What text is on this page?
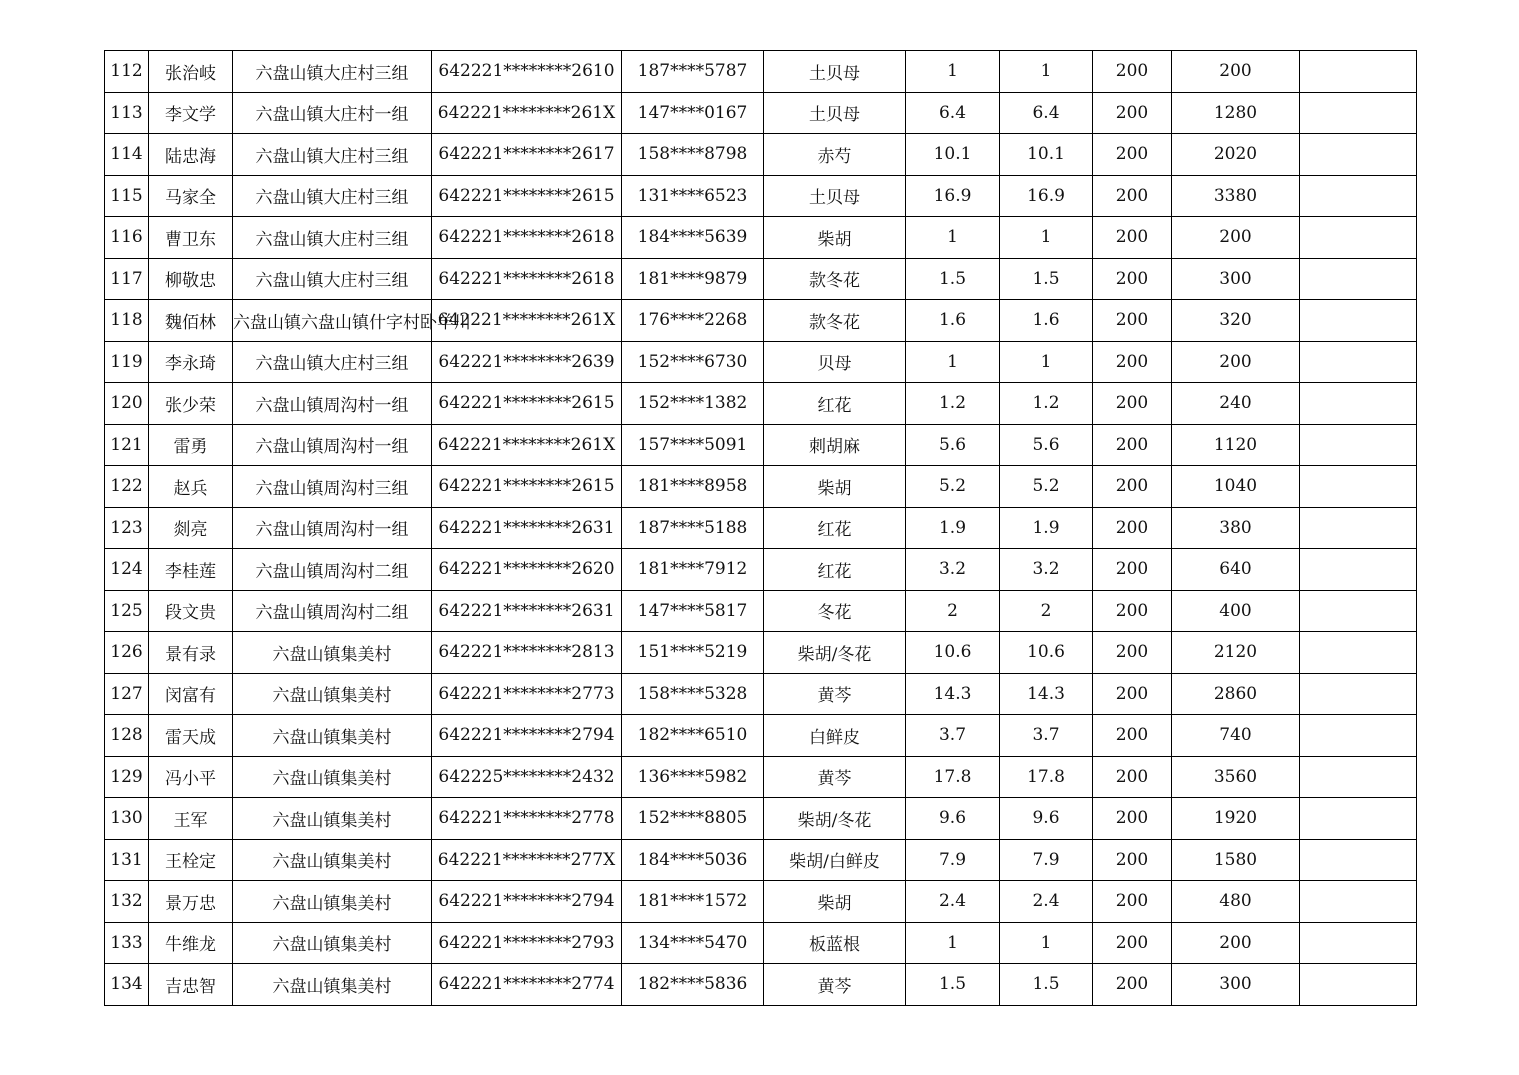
112	张治岐	六盘山镇大庄村三组	642221********2610	187****5787	土贝母	1	1	200	200	
113	李文学	六盘山镇大庄村一组	642221********261X	147****0167	土贝母	6.4	6.4	200	1280	
114	陆忠海	六盘山镇大庄村三组	642221********2617	158****8798	赤芍	10.1	10.1	200	2020	
115	马家全	六盘山镇大庄村三组	642221********2615	131****6523	土贝母	16.9	16.9	200	3380	
116	曹卫东	六盘山镇大庄村三组	642221********2618	184****5639	柴胡	1	1	200	200	
117	柳敬忠	六盘山镇大庄村三组	642221********2618	181****9879	款冬花	1.5	1.5	200	300	
118	魏佰林	六盘山镇六盘山镇什字村卧羊川	642221********261X	176****2268	款冬花	1.6	1.6	200	320	
119	李永琦	六盘山镇大庄村三组	642221********2639	152****6730	贝母	1	1	200	200	
120	张少荣	六盘山镇周沟村一组	642221********2615	152****1382	红花	1.2	1.2	200	240	
121	雷勇	六盘山镇周沟村一组	642221********261X	157****5091	刺胡麻	5.6	5.6	200	1120	
122	赵兵	六盘山镇周沟村三组	642221********2615	181****8958	柴胡	5.2	5.2	200	1040	
123	剡亮	六盘山镇周沟村一组	642221********2631	187****5188	红花	1.9	1.9	200	380	
124	李桂莲	六盘山镇周沟村二组	642221********2620	181****7912	红花	3.2	3.2	200	640	
125	段文贵	六盘山镇周沟村二组	642221********2631	147****5817	冬花	2	2	200	400	
126	景有录	六盘山镇集美村	642221********2813	151****5219	柴胡/冬花	10.6	10.6	200	2120	
127	闵富有	六盘山镇集美村	642221********2773	158****5328	黄芩	14.3	14.3	200	2860	
128	雷天成	六盘山镇集美村	642221********2794	182****6510	白鲜皮	3.7	3.7	200	740	
129	冯小平	六盘山镇集美村	642225********2432	136****5982	黄芩	17.8	17.8	200	3560	
130	王军	六盘山镇集美村	642221********2778	152****8805	柴胡/冬花	9.6	9.6	200	1920	
131	王栓定	六盘山镇集美村	642221********277X	184****5036	柴胡/白鲜皮	7.9	7.9	200	1580	
132	景万忠	六盘山镇集美村	642221********2794	181****1572	柴胡	2.4	2.4	200	480	
133	牛维龙	六盘山镇集美村	642221********2793	134****5470	板蓝根	1	1	200	200	
134	吉忠智	六盘山镇集美村	642221********2774	182****5836	黄芩	1.5	1.5	200	300	
